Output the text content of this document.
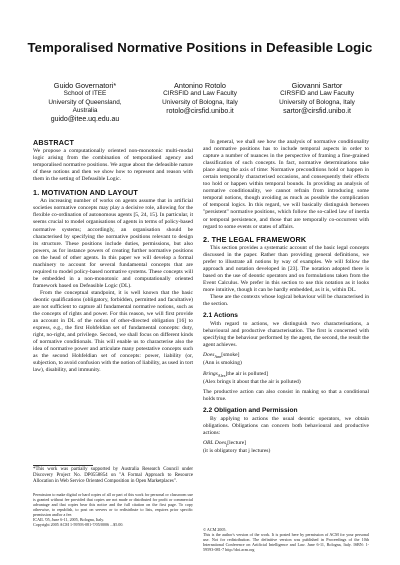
Temporalised Normative Positions in Defeasible Logic
Guido Governatori*
School of ITEE
University of Queensland,
Australia
guido@itee.uq.edu.au
Antonino Rotolo
CIRSFID and Law Faculty
University of Bologna, Italy
rotolo@cirsfid.unibo.it
Giovanni Sartor
CIRSFID and Law Faculty
University of Bologna, Italy
sartor@cirsfid.unibo.it
ABSTRACT

We propose a computationally oriented non-monotonic multi-modal logic arising from the combination of temporalised agency and temporalised normative positions. We argue about the defeasible nature of these notions and then we show how to represent and reason with them in the setting of Defeasible Logic.

1. MOTIVATION AND LAYOUT

An increasing number of works on agents assume that in artificial societies normative concepts may play a decisive role, allowing for the flexible co-ordination of autonomous agents [5, 24, 15]. In particular, it seems crucial to model organisations of agents in terms of policy-based normative systems; accordingly, an organisation should be characterised by specifying the normative positions relevant to design its structure. These positions include duties, permissions, but also powers, as for instance powers of creating further normative positions on the head of other agents. In this paper we will develop a formal machinery to account for several fundamental concepts that are required to model policy-based normative systems. These concepts will be embedded in a non-monotonic and computationally oriented framework based on Defeasible Logic (DL).

From the conceptual standpoint, it is well known that the basic deontic qualifications (obligatory, forbidden, permitted and facultative) are not sufficient to capture all fundamental normative notions, such as the concepts of rights and power. For this reason, we will first provide an account in DL of the notion of other-directed obligation [16] to express, e.g., the first Hohfeldian set of fundamental concepts: duty, right, no-right, and privilege. Second, we shall focus on different kinds of normative conditionals. This will enable us to characterise also the idea of normative power and articulate many potestative concepts such as the second Hohfeldian set of concepts: power, liability (or, subjection, to avoid confusion with the notion of liability, as used in tort law), disability, and immunity.

*This work was partially supported by Australia Research Council under Discovery Project No. DP0558854 on "A Formal Approach to Resource Allocation in Web Service Oriented Composition in Open Marketplaces".
Permission to make digital or hard copies of all or part of this work for personal or classroom use is granted without fee provided that copies are not made or distributed for profit or commercial advantage and that copies bear this notice and the full citation on the first page. To copy otherwise, to republish, to post on servers or to redistribute to lists, requires prior specific permission and/or a fee.
ICAIL '05, June 6-11, 2005, Bologna, Italy.
Copyright 2005 ACM 1-59593-081-7/05/0006 ...$5.00.

In general, we shall see how the analysis of normative conditionality and normative positions has to include temporal aspects in order to capture a number of nuances in the perspective of framing a fine-grained classification of such concepts. In fact, normative determinations take place along the axis of time: Normative preconditions hold or happen in certain temporally characterised occasions, and consequently their effects too hold or happen within temporal bounds. In providing an analysis of normative conditionality, we cannot refrain from introducing some temporal notions, though avoiding as much as possible the complication of temporal logics. In this regard, we will basically distinguish between "persistent" normative positions, which follow the so-called law of inertia or temporal persistence, and those that are temporally co-occurrent with regard to some events or states of affairs.

2. THE LEGAL FRAMEWORK

This section provides a systematic account of the basic legal concepts discussed in the paper. Rather than providing general definitions, we prefer to illustrate all notions by way of examples. We will follow the approach and notation developed in [23]. The notation adopted there is based on the use of deontic operators and on formulations taken from the Event Calculus. We prefer in this section to use this notation as it looks more intuitive, though it can be hardly embedded, as it is, within DL.

These are the contexts whose logical behaviour will be characterised in the section.

2.1 Actions

With regard to actions, we distinguish two characterisations, a behavioural and productive characterisation. The first is concerned with specifying the behaviour performed by the agent, the second, the result the agent achieves.

Does$_{Ann}$[smoke]
(Ann is smoking)
Brings$_{Alex}$[the air is polluted]
(Alex brings it about that the air is polluted)

The productive action can also consist in making so that a conditional holds true.

2.2 Obligation and Permission

By applying to actions the usual deontic operators, we obtain obligations. Obligations can concern both behavioural and productive actions:

OBL Does$_j$[lecture]
(it is obligatory that j lectures)
© ACM 2005.
This is the author's version of the work. It is posted here by permission of ACM for your personal use. Not for redistribution. The definitive version was published in Proceedings of the 10th International Conference on Artificial Intelligence and Law. June 6-11, Bologna, Italy. ISBN: 1-59593-081-7 http://doi.acm.org
